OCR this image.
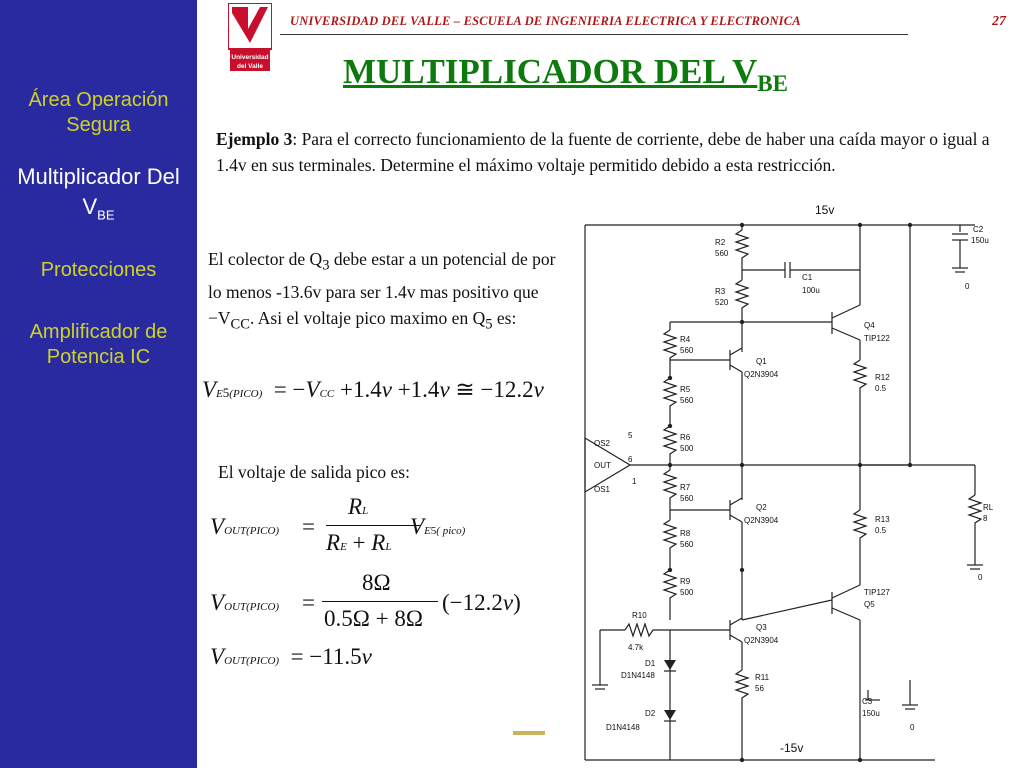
Área Operación Segura
Multiplicador Del $V_{BE}$
Protecciones
Amplificador de Potencia IC
Universidad
del Valle
UNIVERSIDAD DEL VALLE – ESCUELA DE INGENIERIA ELECTRICA Y ELECTRONICA	27
MULTIPLICADOR DEL $V_{BE}$
Ejemplo 3: Para el correcto funcionamiento de la fuente de corriente, debe de haber una caída mayor o igual a 1.4v en sus terminales. Determine el máximo voltaje permitido debido a esta restricción.
El colector de $Q_3$ debe estar a un potencial de por lo menos -13.6v para ser 1.4v mas positivo que $-V_{CC}$. Asi el voltaje pico maximo en $Q_5$ es:
VE5(PICO)  = −VCC +1.4v +1.4v ≅ −12.2v
El voltaje de salida pico es:
VOUT(PICO) =
RL
RE + RL
VE5( pico)
VOUT(PICO) =
8Ω
0.5Ω + 8Ω
(−12.2v)
VOUT(PICO)  = −11.5v
15v
-15v
C2
150u
C1
100u
R2
560
R3
520
R4
560
R5
560
R6
500
R7
560
R8
560
R9
500
R10
4.7k
R11
56
R12
0.5
R13
0.5
RL
8
Q1
Q2N3904
Q2
Q2N3904
Q3
Q2N3904
Q4
TIP122
TIP127
Q5
D1
D1N4148
D2
D1N4148
C3
150u
OS2
OUT
OS1
5
6
1
0
0
0
